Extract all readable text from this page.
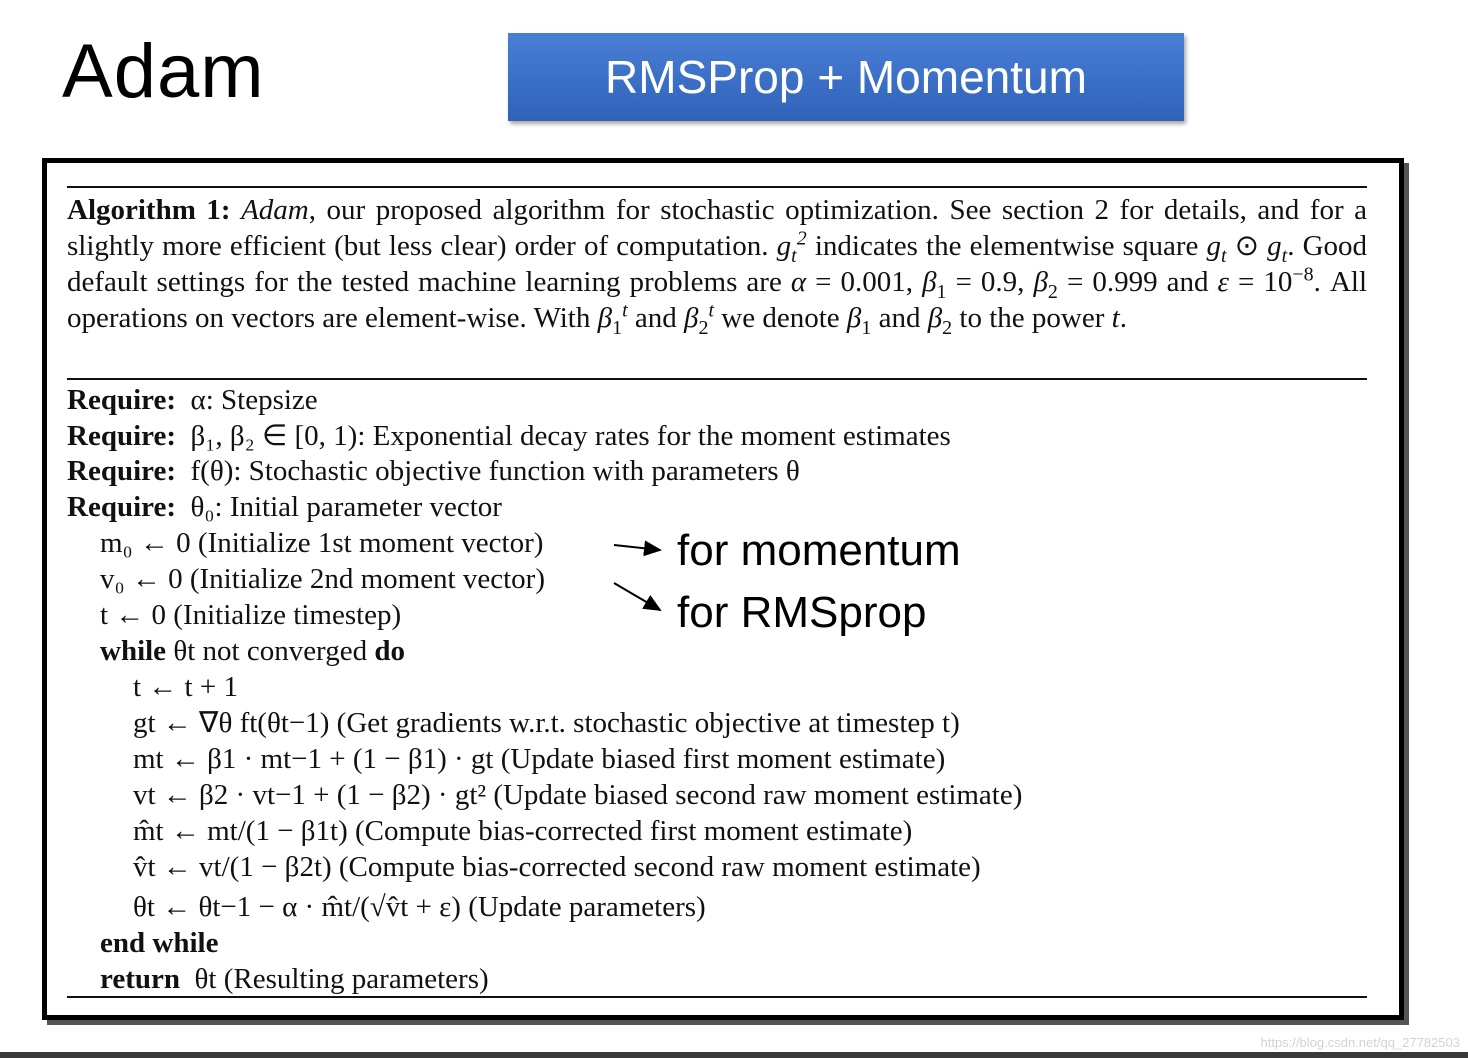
Adam	RMSProp + Momentum
Algorithm 1: Adam, our proposed algorithm for stochastic optimization. See section 2 for details, and for a slightly more efficient (but less clear) order of computation. $g_t^2$ indicates the elementwise square $g_t$ ⊙ $g_t$. Good default settings for the tested machine learning problems are α = 0.001, $\beta_1 = 0.9$, $\beta_2 = 0.999$ and $\varepsilon = 10^{-8}$. All operations on vectors are element-wise. With $\beta_1^t$ and $\beta_2^t$ we denote $\beta_1$ and $\beta_2$ to the power t.
Require: α: Stepsize
Require: β₁, β₂ ∈ [0, 1): Exponential decay rates for the moment estimates
Require: f(θ): Stochastic objective function with parameters θ
Require: θ₀: Initial parameter vector
m₀ ← 0 (Initialize 1st moment vector)
v₀ ← 0 (Initialize 2nd moment vector)
t ← 0 (Initialize timestep)
while θt not converged do
t ← t + 1
gt ← ∇θ ft(θt−1) (Get gradients w.r.t. stochastic objective at timestep t)
mt ← β1 · mt−1 + (1 − β1) · gt (Update biased first moment estimate)
vt ← β2 · vt−1 + (1 − β2) · gt² (Update biased second raw moment estimate)
m̂t ← mt/(1 − β1t) (Compute bias-corrected first moment estimate)
v̂t ← vt/(1 − β2t) (Compute bias-corrected second raw moment estimate)
θt ← θt−1 − α · m̂t/(√v̂t + ε) (Update parameters)
end while
return θt (Resulting parameters)
for momentum
for RMSprop
https://blog.csdn.net/qq_27782503
